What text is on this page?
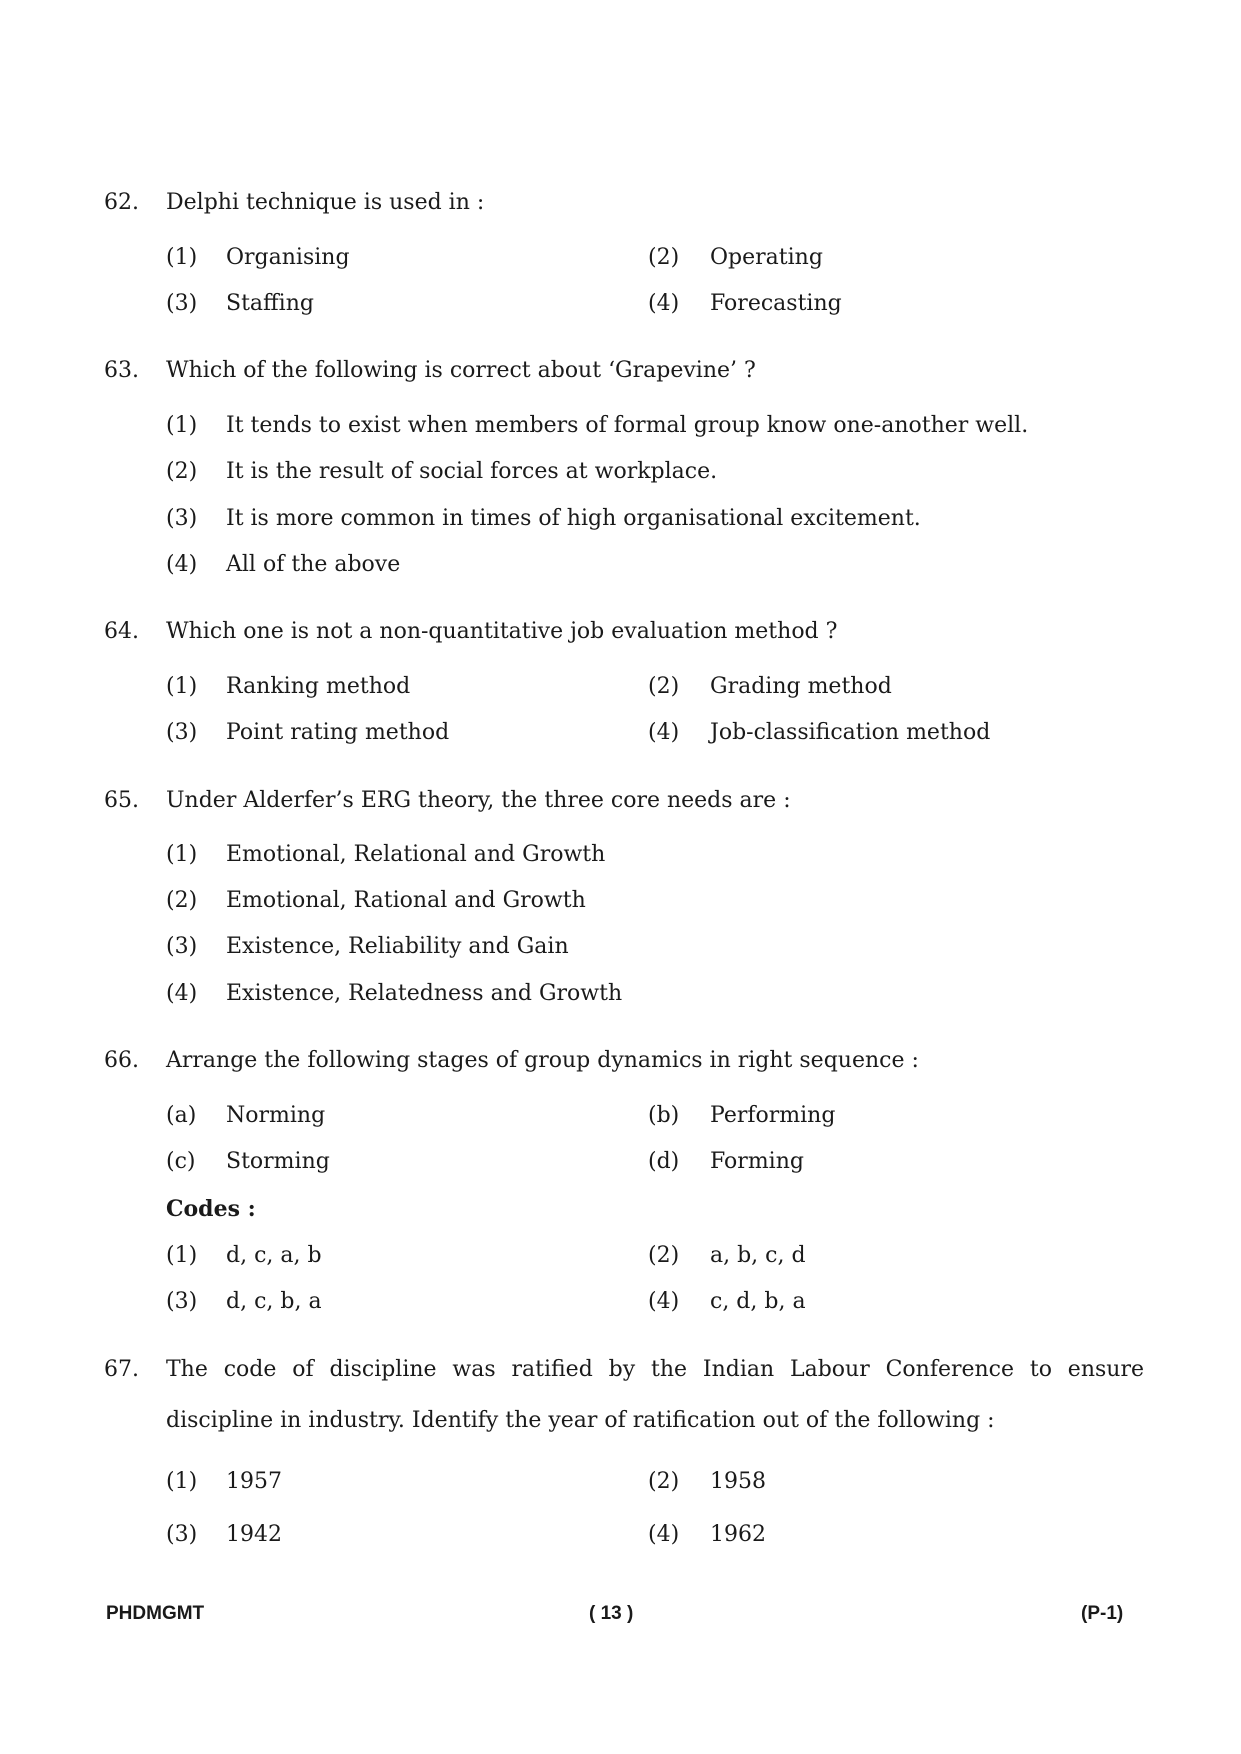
62. Delphi technique is used in :
(1) Organising	(2) Operating
(3) Staffing	(4) Forecasting
63. Which of the following is correct about ‘Grapevine’ ?
(1) It tends to exist when members of formal group know one-another well.
(2) It is the result of social forces at workplace.
(3) It is more common in times of high organisational excitement.
(4) All of the above
64. Which one is not a non-quantitative job evaluation method ?
(1) Ranking method	(2) Grading method
(3) Point rating method	(4) Job-classification method
65. Under Alderfer’s ERG theory, the three core needs are :
(1) Emotional, Relational and Growth
(2) Emotional, Rational and Growth
(3) Existence, Reliability and Gain
(4) Existence, Relatedness and Growth
66. Arrange the following stages of group dynamics in right sequence :
(a) Norming	(b) Performing
(c) Storming	(d) Forming
Codes :
(1) d, c, a, b	(2) a, b, c, d
(3) d, c, b, a	(4) c, d, b, a
67. The code of discipline was ratified by the Indian Labour Conference to ensure
discipline in industry. Identify the year of ratification out of the following :
(1) 1957	(2) 1958
(3) 1942	(4) 1962
PHDMGMT	( 13 )	(P-1)
